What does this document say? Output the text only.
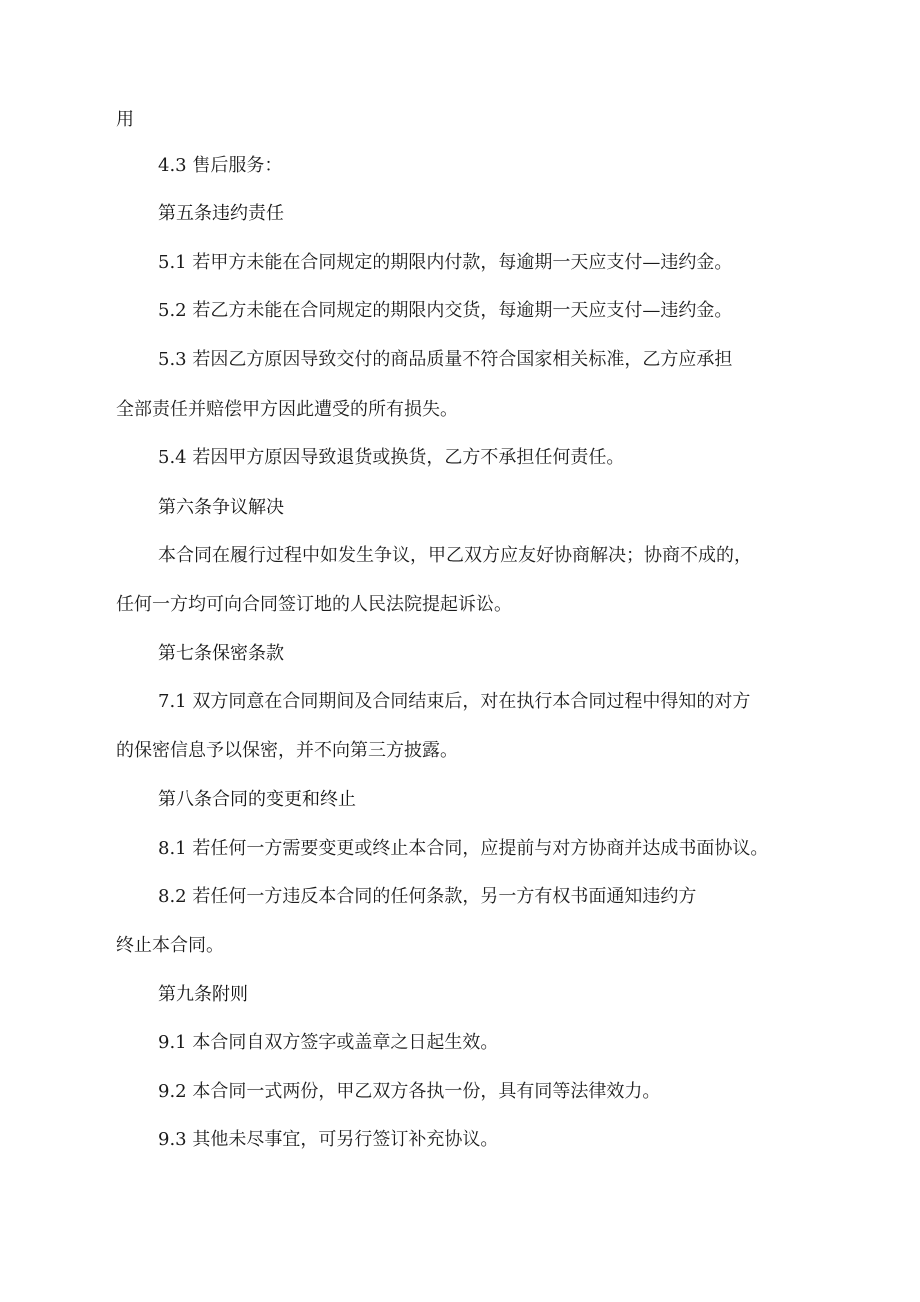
用
4.3 售后服务：
第五条违约责任
5.1 若甲方未能在合同规定的期限内付款，每逾期一天应支付—违约金。
5.2 若乙方未能在合同规定的期限内交货，每逾期一天应支付—违约金。
5.3 若因乙方原因导致交付的商品质量不符合国家相关标准，乙方应承担
全部责任并赔偿甲方因此遭受的所有损失。
5.4 若因甲方原因导致退货或换货，乙方不承担任何责任。
第六条争议解决
本合同在履行过程中如发生争议，甲乙双方应友好协商解决；协商不成的，
任何一方均可向合同签订地的人民法院提起诉讼。
第七条保密条款
7.1 双方同意在合同期间及合同结束后，对在执行本合同过程中得知的对方
的保密信息予以保密，并不向第三方披露。
第八条合同的变更和终止
8.1 若任何一方需要变更或终止本合同，应提前与对方协商并达成书面协议。
8.2 若任何一方违反本合同的任何条款，另一方有权书面通知违约方
终止本合同。
第九条附则
9.1 本合同自双方签字或盖章之日起生效。
9.2 本合同一式两份，甲乙双方各执一份，具有同等法律效力。
9.3 其他未尽事宜，可另行签订补充协议。
